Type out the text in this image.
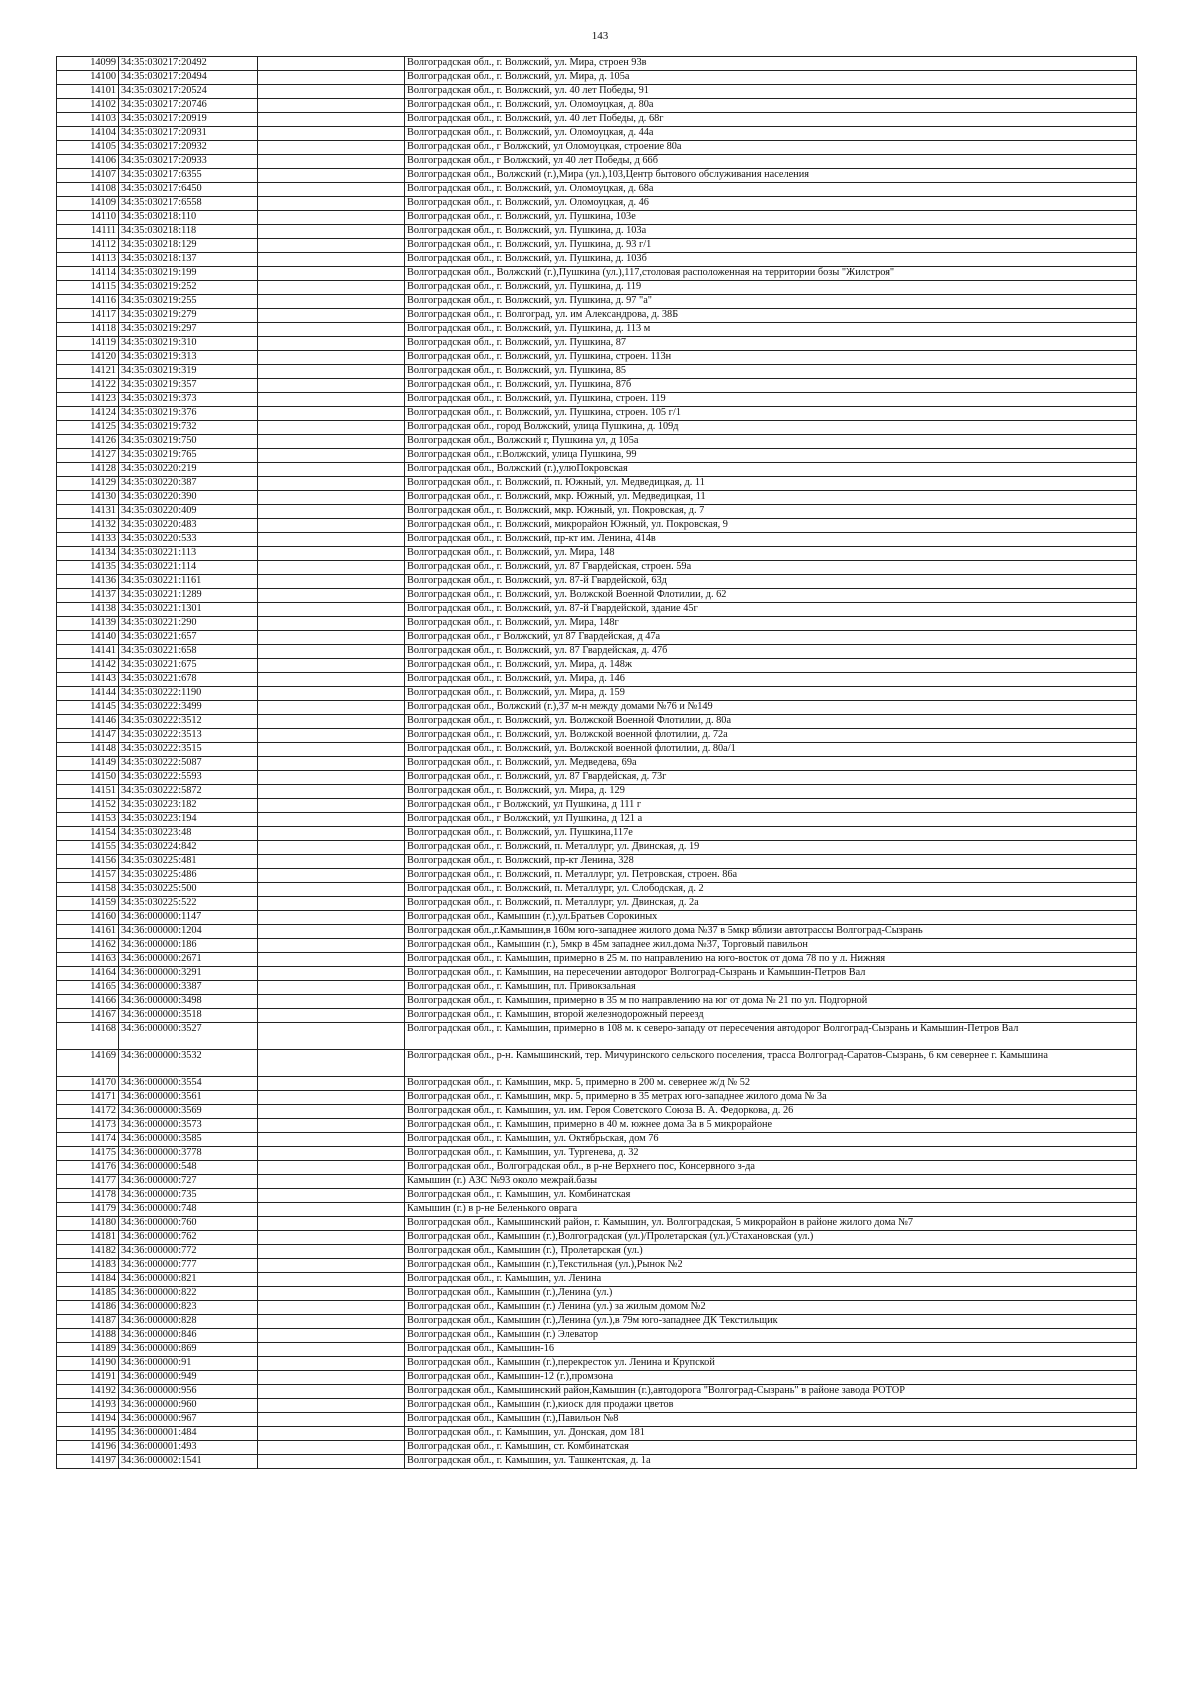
143
14099	34:35:030217:20492		Волгоградская обл., г. Волжский, ул. Мира, строен 93в
14100	34:35:030217:20494		Волгоградская обл., г. Волжский, ул. Мира, д. 105а
14101	34:35:030217:20524		Волгоградская обл., г. Волжский, ул. 40 лет Победы, 91
14102	34:35:030217:20746		Волгоградская обл., г. Волжский, ул. Оломоуцкая, д. 80а
14103	34:35:030217:20919		Волгоградская обл., г. Волжский, ул. 40 лет Победы, д. 68г
14104	34:35:030217:20931		Волгоградская обл., г. Волжский, ул. Оломоуцкая, д. 44а
14105	34:35:030217:20932		Волгоградская обл., г Волжский, ул Оломоуцкая, строение 80а
14106	34:35:030217:20933		Волгоградская обл., г Волжский, ул 40 лет Победы, д 66б
14107	34:35:030217:6355		Волгоградская обл., Волжский (г.),Мира (ул.),103,Центр бытового обслуживания населения
14108	34:35:030217:6450		Волгоградская обл., г. Волжский, ул. Оломоуцкая, д. 68а
14109	34:35:030217:6558		Волгоградская обл., г. Волжский, ул. Оломоуцкая, д. 46
14110	34:35:030218:110		Волгоградская обл., г. Волжский, ул. Пушкина, 103е
14111	34:35:030218:118		Волгоградская обл., г. Волжский, ул. Пушкина, д. 103а
14112	34:35:030218:129		Волгоградская обл., г. Волжский, ул. Пушкина, д. 93 г/1
14113	34:35:030218:137		Волгоградская обл., г. Волжский, ул. Пушкина, д. 103б
14114	34:35:030219:199		Волгоградская обл., Волжский (г.),Пушкина (ул.),117,столовая расположенная на территории бозы "Жилстроя"
14115	34:35:030219:252		Волгоградская обл., г. Волжский, ул. Пушкина, д. 119
14116	34:35:030219:255		Волгоградская обл., г. Волжский, ул. Пушкина, д. 97 "а"
14117	34:35:030219:279		Волгоградская обл., г. Волгоград, ул. им Александрова, д. 38Б
14118	34:35:030219:297		Волгоградская обл., г. Волжский, ул. Пушкина, д. 113 м
14119	34:35:030219:310		Волгоградская обл., г. Волжский, ул. Пушкина, 87
14120	34:35:030219:313		Волгоградская обл., г. Волжский, ул. Пушкина, строен. 113н
14121	34:35:030219:319		Волгоградская обл., г. Волжский, ул. Пушкина, 85
14122	34:35:030219:357		Волгоградская обл., г. Волжский, ул. Пушкина, 87б
14123	34:35:030219:373		Волгоградская обл., г. Волжский, ул. Пушкина, строен. 119
14124	34:35:030219:376		Волгоградская обл., г. Волжский, ул. Пушкина, строен. 105 г/1
14125	34:35:030219:732		Волгоградская обл., город Волжский, улица Пушкина, д. 109д
14126	34:35:030219:750		Волгоградская обл., Волжский г, Пушкина ул, д 105а
14127	34:35:030219:765		Волгоградская обл., г.Волжский, улица Пушкина, 99
14128	34:35:030220:219		Волгоградская обл., Волжский (г.),улюПокровская
14129	34:35:030220:387		Волгоградская обл., г. Волжский, п. Южный, ул. Медведицкая, д. 11
14130	34:35:030220:390		Волгоградская обл., г. Волжский, мкр. Южный, ул. Медведицкая, 11
14131	34:35:030220:409		Волгоградская обл., г. Волжский, мкр. Южный, ул. Покровская, д. 7
14132	34:35:030220:483		Волгоградская обл., г. Волжский, микрорайон Южный, ул. Покровская, 9
14133	34:35:030220:533		Волгоградская обл., г. Волжский, пр-кт им. Ленина, 414в
14134	34:35:030221:113		Волгоградская обл., г. Волжский, ул. Мира, 148
14135	34:35:030221:114		Волгоградская обл., г. Волжский, ул. 87 Гвардейская, строен. 59а
14136	34:35:030221:1161		Волгоградская обл., г. Волжский, ул. 87-й Гвардейской, 63д
14137	34:35:030221:1289		Волгоградская обл., г. Волжский, ул. Волжской Военной Флотилии, д. 62
14138	34:35:030221:1301		Волгоградская обл., г. Волжский, ул. 87-й Гвардейской, здание 45г
14139	34:35:030221:290		Волгоградская обл., г. Волжский, ул. Мира, 148г
14140	34:35:030221:657		Волгоградская обл., г Волжский, ул 87 Гвардейская, д 47а
14141	34:35:030221:658		Волгоградская обл., г. Волжский, ул. 87 Гвардейская, д. 47б
14142	34:35:030221:675		Волгоградская обл., г. Волжский, ул. Мира, д. 148ж
14143	34:35:030221:678		Волгоградская обл., г. Волжский, ул. Мира, д. 146
14144	34:35:030222:1190		Волгоградская обл., г. Волжский, ул. Мира, д. 159
14145	34:35:030222:3499		Волгоградская обл., Волжский (г.),37 м-н между домами №76 и №149
14146	34:35:030222:3512		Волгоградская обл., г. Волжский, ул. Волжской Военной Флотилии, д. 80а
14147	34:35:030222:3513		Волгоградская обл., г. Волжский, ул. Волжской военной флотилии, д. 72а
14148	34:35:030222:3515		Волгоградская обл., г. Волжский, ул. Волжской военной флотилии, д. 80а/1
14149	34:35:030222:5087		Волгоградская обл., г. Волжский, ул. Медведева, 69а
14150	34:35:030222:5593		Волгоградская обл., г. Волжский, ул. 87 Гвардейская, д. 73г
14151	34:35:030222:5872		Волгоградская обл., г. Волжский, ул. Мира, д. 129
14152	34:35:030223:182		Волгоградская обл., г Волжский, ул Пушкина, д 111 г
14153	34:35:030223:194		Волгоградская обл., г Волжский, ул Пушкина, д 121 а
14154	34:35:030223:48		Волгоградская обл., г. Волжский, ул. Пушкина,117е
14155	34:35:030224:842		Волгоградская обл., г. Волжский, п. Металлург, ул. Двинская, д. 19
14156	34:35:030225:481		Волгоградская обл., г. Волжский, пр-кт Ленина, 328
14157	34:35:030225:486		Волгоградская обл., г. Волжский, п. Металлург, ул. Петровская, строен. 86а
14158	34:35:030225:500		Волгоградская обл., г. Волжский, п. Металлург, ул. Слободская, д. 2
14159	34:35:030225:522		Волгоградская обл., г. Волжский, п. Металлург, ул. Двинская, д. 2а
14160	34:36:000000:1147		Волгоградская обл., Камышин (г.),ул.Братьев Сорокиных
14161	34:36:000000:1204		Волгоградская обл.,г.Камышин,в 160м юго-западнее жилого дома №37 в 5мкр вблизи автотрассы Волгоград-Сызрань
14162	34:36:000000:186		Волгоградская обл., Камышин (г.), 5мкр в 45м западнее жил.дома №37, Торговый павильон
14163	34:36:000000:2671		Волгоградская обл., г. Камышин, примерно в 25 м. по направлению на юго-восток от дома 78 по у л. Нижняя
14164	34:36:000000:3291		Волгоградская обл., г. Камышин, на пересечении автодорог Волгоград-Сызрань и Камышин-Петров Вал
14165	34:36:000000:3387		Волгоградская обл., г. Камышин, пл. Привокзальная
14166	34:36:000000:3498		Волгоградская обл., г. Камышин, примерно в 35 м по направлению на юг от дома № 21 по ул. Подгорной
14167	34:36:000000:3518		Волгоградская обл., г. Камышин, второй железнодорожный переезд
14168	34:36:000000:3527		Волгоградская обл., г. Камышин, примерно в 108 м. к северо-западу от пересечения автодорог Волгоград-Сызрань и Камышин-Петров Вал
14169	34:36:000000:3532		Волгоградская обл., р-н. Камышинский, тер. Мичуринского сельского поселения, трасса Волгоград-Саратов-Сызрань, 6 км севернее г. Камышина
14170	34:36:000000:3554		Волгоградская обл., г. Камышин, мкр. 5, примерно в 200 м. севернее ж/д № 52
14171	34:36:000000:3561		Волгоградская обл., г. Камышин, мкр. 5, примерно в 35 метрах юго-западнее жилого дома № 3а
14172	34:36:000000:3569		Волгоградская обл., г. Камышин, ул. им. Героя Советского Союза В. А. Федоркова, д. 26
14173	34:36:000000:3573		Волгоградская обл., г. Камышин, примерно в 40 м. южнее дома 3а в 5 микрорайоне
14174	34:36:000000:3585		Волгоградская обл., г. Камышин, ул. Октябрьская, дом 76
14175	34:36:000000:3778		Волгоградская обл., г. Камышин, ул. Тургенева, д. 32
14176	34:36:000000:548		Волгоградская обл., Волгоградская обл., в р-не Верхнего пос, Консервного з-да
14177	34:36:000000:727		Камышин (г.) АЗС №93 около межрай.базы
14178	34:36:000000:735		Волгоградская обл., г. Камышин, ул. Комбинатская
14179	34:36:000000:748		Камышин (г.) в р-не Беленького оврага
14180	34:36:000000:760		Волгоградская обл., Камышинский район, г. Камышин, ул. Волгоградская, 5 микрорайон в районе жилого дома №7
14181	34:36:000000:762		Волгоградская обл., Камышин (г.),Волгоградская (ул.)/Пролетарская (ул.)/Стахановская (ул.)
14182	34:36:000000:772		Волгоградская обл., Камышин (г.), Пролетарская (ул.)
14183	34:36:000000:777		Волгоградская обл., Камышин (г.),Текстильная (ул.),Рынок №2
14184	34:36:000000:821		Волгоградская обл., г. Камышин, ул. Ленина
14185	34:36:000000:822		Волгоградская обл., Камышин (г.),Ленина (ул.)
14186	34:36:000000:823		Волгоградская обл., Камышин (г.) Ленина (ул.) за жилым домом №2
14187	34:36:000000:828		Волгоградская обл., Камышин (г.),Ленина (ул.),в 79м юго-западнее ДК Текстильщик
14188	34:36:000000:846		Волгоградская обл., Камышин (г.) Элеватор
14189	34:36:000000:869		Волгоградская обл., Камышин-16
14190	34:36:000000:91		Волгоградская обл., Камышин (г.),перекресток ул. Ленина и Крупской
14191	34:36:000000:949		Волгоградская обл., Камышин-12 (г.),промзона
14192	34:36:000000:956		Волгоградская обл., Камышинский район,Камышин (г.),автодорога "Волгоград-Сызрань" в районе завода РОТОР
14193	34:36:000000:960		Волгоградская обл., Камышин (г.),киоск для продажи цветов
14194	34:36:000000:967		Волгоградская обл., Камышин (г.),Павильон №8
14195	34:36:000001:484		Волгоградская обл., г. Камышин, ул. Донская, дом 181
14196	34:36:000001:493		Волгоградская обл., г. Камышин, ст. Комбинатская
14197	34:36:000002:1541		Волгоградская обл., г. Камышин, ул. Ташкентская, д. 1а
